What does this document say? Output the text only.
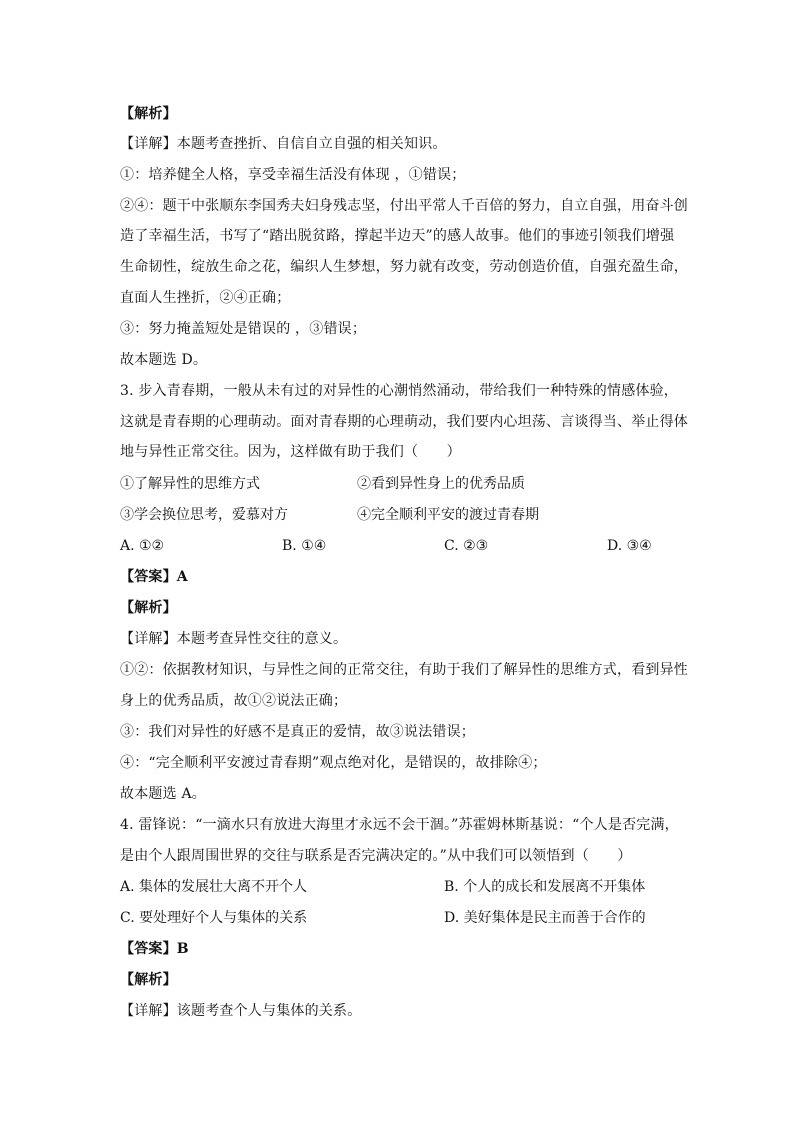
【解析】
【详解】本题考查挫折、自信自立自强的相关知识。
①：培养健全人格，享受幸福生活没有体现 ，①错误；
②④：题干中张顺东李国秀夫妇身残志坚，付出平常人千百倍的努力，自立自强，用奋斗创
造了幸福生活，书写了“踏出脱贫路，撑起半边天”的感人故事。他们的事迹引领我们增强
生命韧性，绽放生命之花，编织人生梦想，努力就有改变，劳动创造价值，自强充盈生命，
直面人生挫折，②④正确；
③：努力掩盖短处是错误的 ，③错误；
故本题选 D。
3. 步入青春期，一般从未有过的对异性的心潮悄然涌动，带给我们一种特殊的情感体验，
这就是青春期的心理萌动。面对青春期的心理萌动，我们要内心坦荡、言谈得当、举止得体
地与异性正常交往。因为，这样做有助于我们（　　）
①了解异性的思维方式	②看到异性身上的优秀品质
③学会换位思考，爱慕对方	④完全顺利平安的渡过青春期
A. ①②	B. ①④	C. ②③	D. ③④
【答案】A
【解析】
【详解】本题考查异性交往的意义。
①②：依据教材知识，与异性之间的正常交往，有助于我们了解异性的思维方式，看到异性
身上的优秀品质，故①②说法正确；
③：我们对异性的好感不是真正的爱情，故③说法错误；
④：“完全顺利平安渡过青春期”观点绝对化，是错误的，故排除④；
故本题选 A。
4. 雷锋说：“一滴水只有放进大海里才永远不会干涸。”苏霍姆林斯基说：“个人是否完满，
是由个人跟周围世界的交往与联系是否完满决定的。”从中我们可以领悟到（　　）
A. 集体的发展壮大离不开个人	B. 个人的成长和发展离不开集体
C. 要处理好个人与集体的关系	D. 美好集体是民主而善于合作的
【答案】B
【解析】
【详解】该题考查个人与集体的关系。
